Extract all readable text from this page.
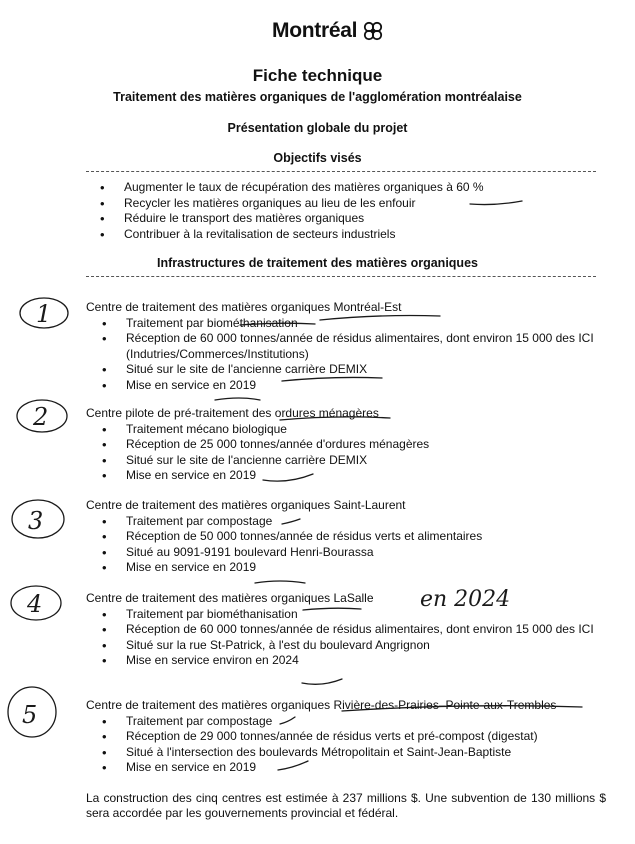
Montréal
Fiche technique
Traitement des matières organiques de l'agglomération montréalaise
Présentation globale du projet
Objectifs visés
• Augmenter le taux de récupération des matières organiques à 60 %
• Recycler les matières organiques au lieu de les enfouir
• Réduire le transport des matières organiques
• Contribuer à la revitalisation de secteurs industriels
Infrastructures de traitement des matières organiques
Centre de traitement des matières organiques Montréal-Est
• Traitement par biométhanisation
• Réception de 60 000 tonnes/année de résidus alimentaires, dont environ 15 000 des ICI (Indutries/Commerces/Institutions)
• Situé sur le site de l'ancienne carrière DEMIX
• Mise en service en 2019
Centre pilote de pré-traitement des ordures ménagères
• Traitement mécano biologique
• Réception de 25 000 tonnes/année d'ordures ménagères
• Situé sur le site de l'ancienne carrière DEMIX
• Mise en service en 2019
Centre de traitement des matières organiques Saint-Laurent
• Traitement par compostage
• Réception de 50 000 tonnes/année de résidus verts et alimentaires
• Situé au 9091-9191 boulevard Henri-Bourassa
• Mise en service en 2019
Centre de traitement des matières organiques LaSalle
• Traitement par biométhanisation
• Réception de 60 000 tonnes/année de résidus alimentaires, dont environ 15 000 des ICI
• Situé sur la rue St-Patrick, à l'est du boulevard Angrignon
• Mise en service environ en 2024
Centre de traitement des matières organiques Rivière-des-Prairies–Pointe-aux-Trembles
• Traitement par compostage
• Réception de 29 000 tonnes/année de résidus verts et pré-compost (digestat)
• Situé à l'intersection des boulevards Métropolitain et Saint-Jean-Baptiste
• Mise en service en 2019
La construction des cinq centres est estimée à 237 millions $. Une subvention de 130 millions $ sera accordée par les gouvernements provincial et fédéral.
1
2
3
4
5
en 2024
